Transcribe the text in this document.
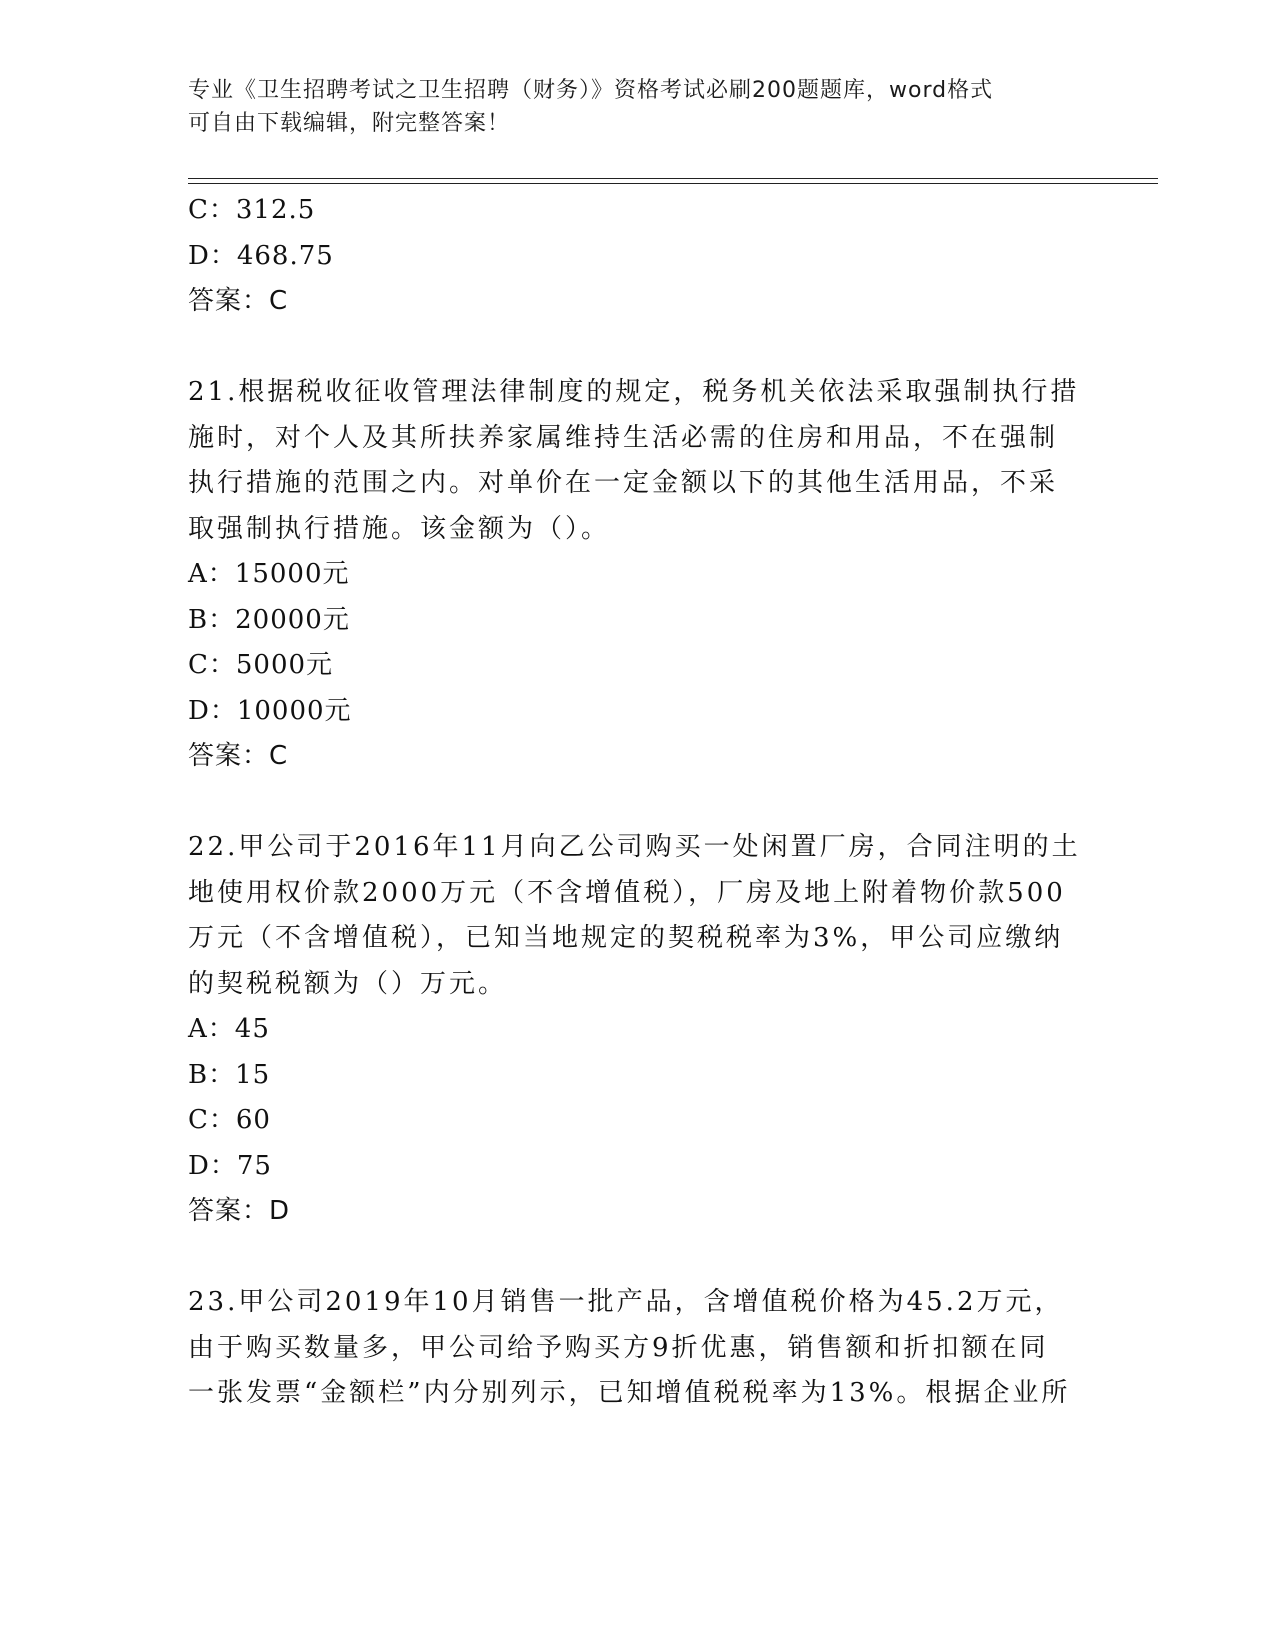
专业《卫生招聘考试之卫生招聘（财务）》资格考试必刷200题题库，word格式
可自由下载编辑，附完整答案！
C：312.5
D：468.75
答案：C
21.根据税收征收管理法律制度的规定，税务机关依法采取强制执行措
施时，对个人及其所扶养家属维持生活必需的住房和用品，不在强制
执行措施的范围之内。对单价在一定金额以下的其他生活用品，不采
取强制执行措施。该金额为（）。
A：15000元
B：20000元
C：5000元
D：10000元
答案：C
22.甲公司于2016年11月向乙公司购买一处闲置厂房，合同注明的土
地使用权价款2000万元（不含增值税），厂房及地上附着物价款500
万元（不含增值税），已知当地规定的契税税率为3%，甲公司应缴纳
的契税税额为（）万元。
A：45
B：15
C：60
D：75
答案：D
23.甲公司2019年10月销售一批产品，含增值税价格为45.2万元，
由于购买数量多，甲公司给予购买方9折优惠，销售额和折扣额在同
一张发票“金额栏”内分别列示，已知增值税税率为13%。根据企业所
